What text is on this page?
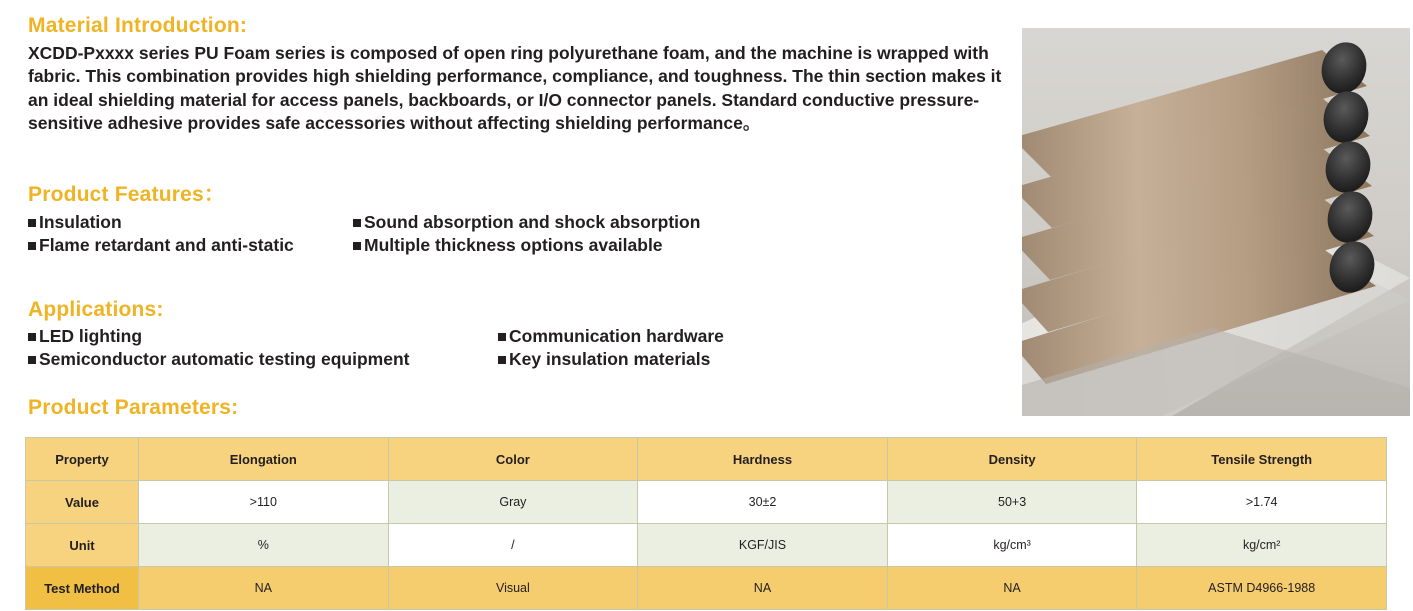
Material Introduction:

XCDD-Pxxxx series PU Foam series is composed of open ring polyurethane foam, and the machine is wrapped with fabric. This combination provides high shielding performance, compliance, and toughness. The thin section makes it an ideal shielding material for access panels, backboards, or I/O connector panels. Standard conductive pressure-sensitive adhesive provides safe accessories without affecting shielding performance。

Product Features：
Insulation	Sound absorption and shock absorption
Flame retardant and anti-static	Multiple thickness options available
Applications:
LED lighting	Communication hardware
Semiconductor automatic testing equipment	Key insulation materials
Product Parameters:
Property	Elongation	Color	Hardness	Density	Tensile Strength
Value	>110	Gray	30±2	50+3	>1.74
Unit	%	/	KGF/JIS	kg/cm³	kg/cm²
Test Method	NA	Visual	NA	NA	ASTM D4966-1988
